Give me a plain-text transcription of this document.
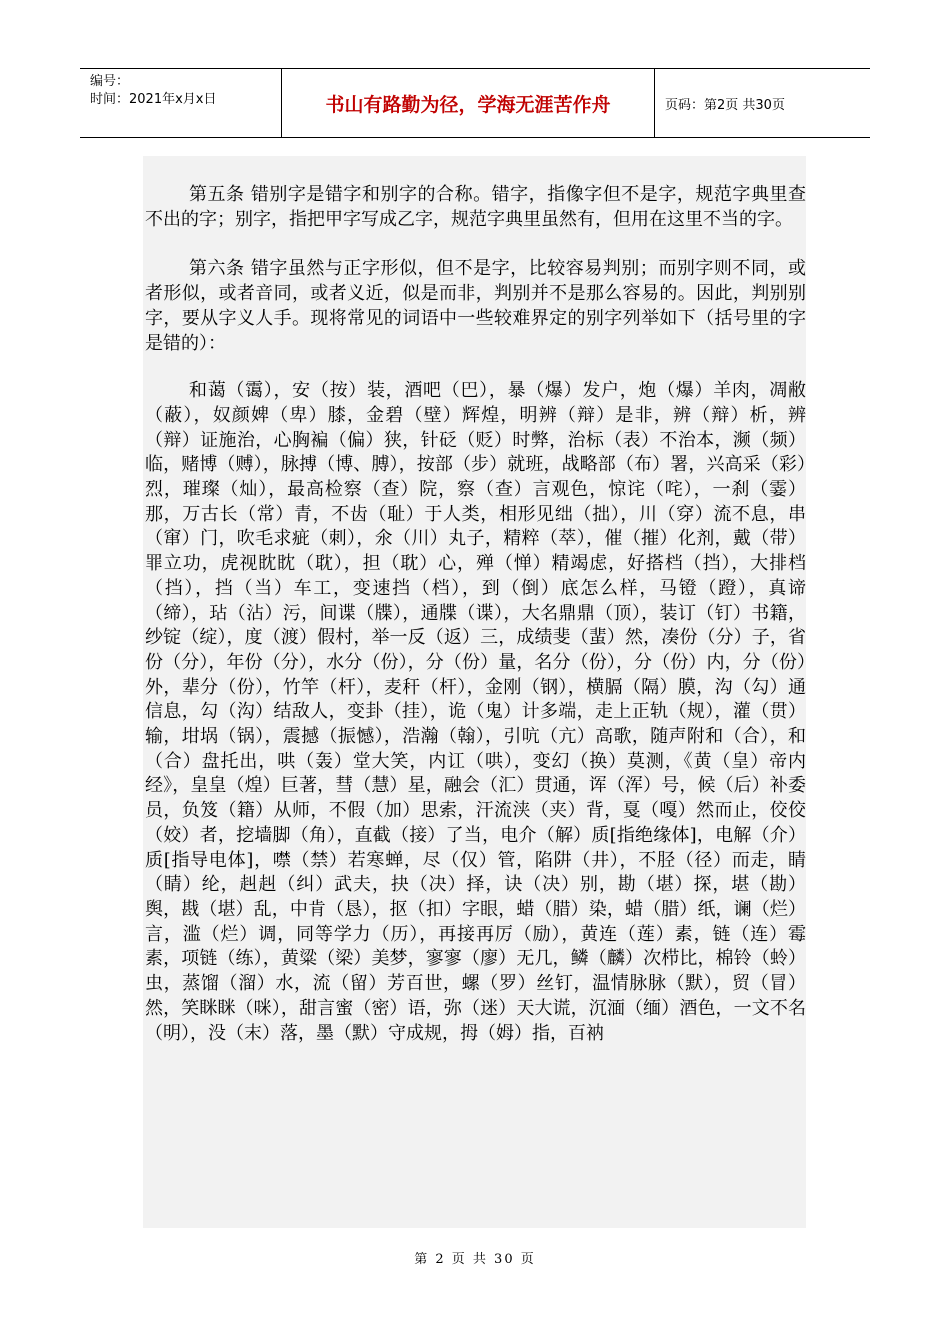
编号：
时间：2021年x月x日	书山有路勤为径，学海无涯苦作舟	页码：第2页 共30页

第五条 错别字是错字和别字的合称。错字，指像字但不是字，规范字典里查不出的字；别字，指把甲字写成乙字，规范字典里虽然有，但用在这里不当的字。

第六条 错字虽然与正字形似，但不是字，比较容易判别；而别字则不同，或者形似，或者音同，或者义近，似是而非，判别并不是那么容易的。因此，判别别字，要从字义人手。现将常见的词语中一些较难界定的别字列举如下（括号里的字是错的）：

和蔼（霭），安（按）装，酒吧（巴），暴（爆）发户，炮（爆）羊肉，凋敝（蔽），奴颜婢（卑）膝，金碧（壁）辉煌，明辨（辩）是非，辨（辩）析，辨（辩）证施治，心胸褊（偏）狭，针砭（贬）时弊，治标（表）不治本，濒（频）临，赌博（赙），脉搏（博、膊），按部（步）就班，战略部（布）署，兴高采（彩）烈，璀璨（灿），最高检察（查）院，察（查）言观色，惊诧（咤），一刹（霎）那，万古长（常）青，不齿（耻）于人类，相形见绌（拙），川（穿）流不息，串（窜）门，吹毛求疵（刺），氽（川）丸子，精粹（萃），催（摧）化剂，戴（带）罪立功，虎视眈眈（耽），担（耽）心，殚（惮）精竭虑，好搭档（挡），大排档（挡），挡（当）车工，变速挡（档），到（倒）底怎么样，马镫（蹬），真谛（缔），玷（沾）污，间谍（牒），通牒（谍），大名鼎鼎（顶），装订（钉）书籍，纱锭（绽），度（渡）假村，举一反（返）三，成绩斐（蜚）然，凑份（分）子，省份（分），年份（分），水分（份），分（份）量，名分（份），分（份）内，分（份）外，辈分（份），竹竿（杆），麦秆（杆），金刚（钢），横膈（隔）膜，沟（勾）通信息，勾（沟）结敌人，变卦（挂），诡（鬼）计多端，走上正轨（规），灌（贯）输，坩埚（锅），震撼（振憾），浩瀚（翰），引吭（亢）高歌，随声附和（合），和（合）盘托出，哄（轰）堂大笑，内讧（哄），变幻（换）莫测，《黄（皇）帝内经》，皇皇（煌）巨著，彗（慧）星，融会（汇）贯通，诨（浑）号，候（后）补委员，负笈（籍）从师，不假（加）思索，汗流浃（夹）背，戛（嘎）然而止，佼佼（姣）者，挖墙脚（角），直截（接）了当，电介（解）质[指绝缘体]，电解（介）质[指导电体]，噤（禁）若寒蝉，尽（仅）管，陷阱（井），不胫（径）而走，睛（睛）纶，赳赳（纠）武夫，抉（决）择，诀（决）别，勘（堪）探，堪（勘）舆，戡（堪）乱，中肯（恳），抠（扣）字眼，蜡（腊）染，蜡（腊）纸，谰（烂）言，滥（烂）调，同等学力（历），再接再厉（励），黄连（莲）素，链（连）霉素，项链（练），黄粱（梁）美梦，寥寥（廖）无几，鳞（麟）次栉比，棉铃（蛉）虫，蒸馏（溜）水，流（留）芳百世，螺（罗）丝钉，温情脉脉（默），贸（冒）然，笑眯眯（咪），甜言蜜（密）语，弥（迷）天大谎，沉湎（缅）酒色，一文不名（明），没（末）落，墨（默）守成规，拇（姆）指，百衲

第 2 页 共 30 页
